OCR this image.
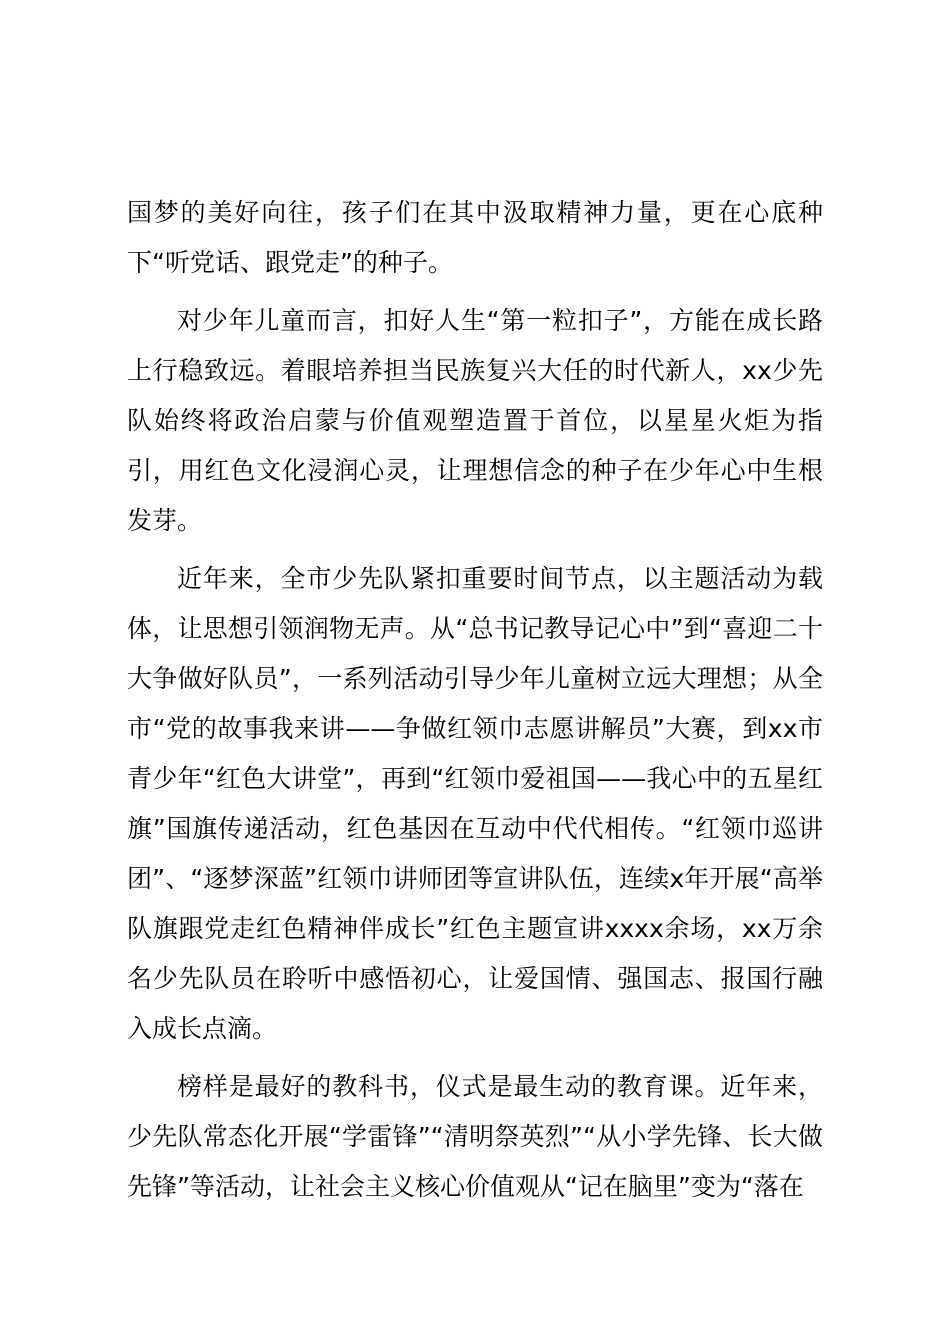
国梦的美好向往，孩子们在其中汲取精神力量，更在心底种下“听党话、跟党走”的种子。

对少年儿童而言，扣好人生“第一粒扣子”，方能在成长路上行稳致远。着眼培养担当民族复兴大任的时代新人，xx少先队始终将政治启蒙与价值观塑造置于首位，以星星火炬为指引，用红色文化浸润心灵，让理想信念的种子在少年心中生根发芽。

近年来，全市少先队紧扣重要时间节点，以主题活动为载体，让思想引领润物无声。从“总书记教导记心中”到“喜迎二十大争做好队员”，一系列活动引导少年儿童树立远大理想；从全市“党的故事我来讲——争做红领巾志愿讲解员”大赛，到xx市青少年“红色大讲堂”，再到“红领巾爱祖国——我心中的五星红旗”国旗传递活动，红色基因在互动中代代相传。“红领巾巡讲团”、“逐梦深蓝”红领巾讲师团等宣讲队伍，连续x年开展“高举队旗跟党走红色精神伴成长”红色主题宣讲xxxx余场，xx万余名少先队员在聆听中感悟初心，让爱国情、强国志、报国行融入成长点滴。

榜样是最好的教科书，仪式是最生动的教育课。近年来，少先队常态化开展“学雷锋”“清明祭英烈”“从小学先锋、长大做先锋”等活动，让社会主义核心价值观从“记在脑里”变为“落在
